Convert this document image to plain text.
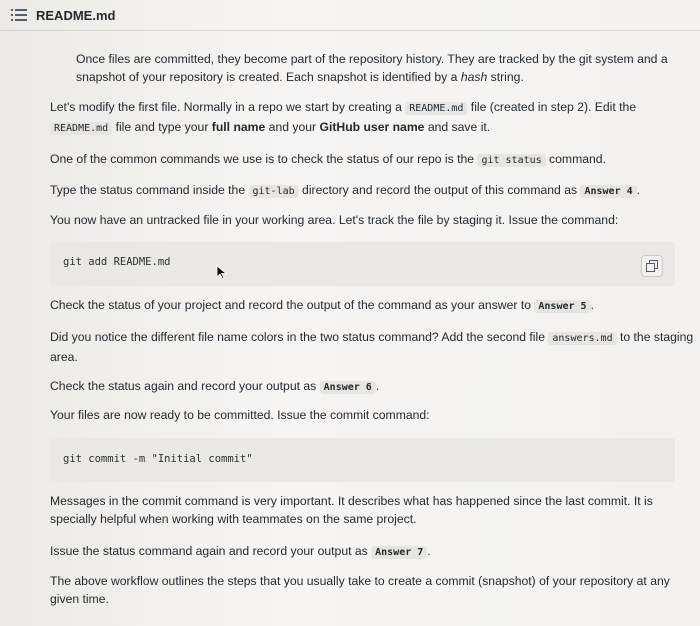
README.md

Once files are committed, they become part of the repository history. They are tracked by the git system and a snapshot of your repository is created. Each snapshot is identified by a hash string.

Let's modify the first file. Normally in a repo we start by creating a README.md file (created in step 2). Edit the README.md file and type your full name and your GitHub user name and save it.

One of the common commands we use is to check the status of our repo is the git status command.

Type the status command inside the git-lab directory and record the output of this command as Answer 4 .

You now have an untracked file in your working area. Let's track the file by staging it. Issue the command:

git add README.md

Check the status of your project and record the output of the command as your answer to Answer 5 .

Did you notice the different file name colors in the two status command? Add the second file answers.md to the staging area.

Check the status again and record your output as Answer 6 .

Your files are now ready to be committed. Issue the commit command:

git commit -m "Initial commit"

Messages in the commit command is very important. It describes what has happened since the last commit. It is specially helpful when working with teammates on the same project.

Issue the status command again and record your output as Answer 7 .

The above workflow outlines the steps that you usually take to create a commit (snapshot) of your repository at any given time.
